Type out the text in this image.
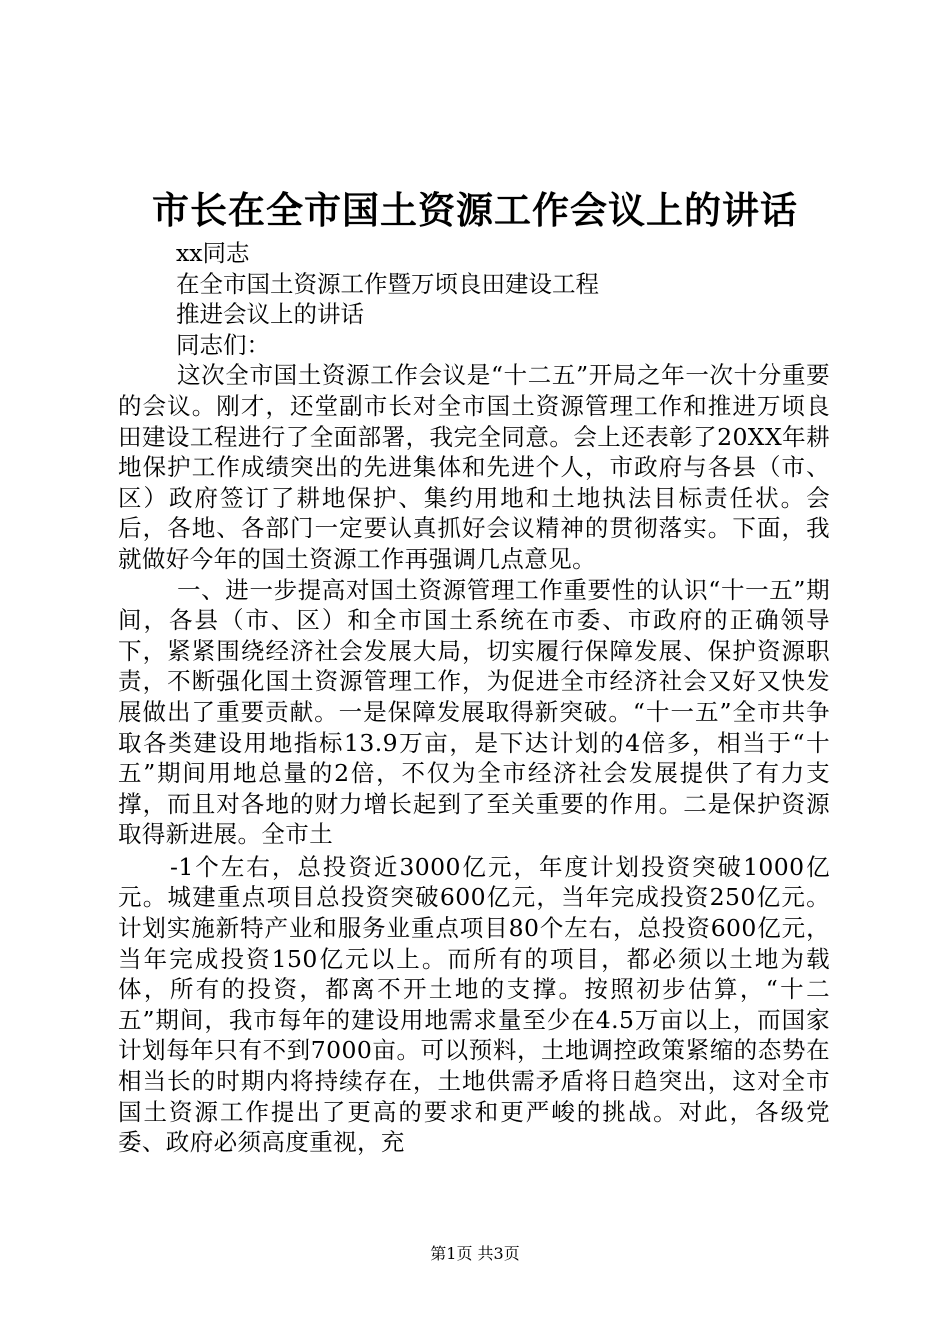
市长在全市国土资源工作会议上的讲话

xx同志

在全市国土资源工作暨万顷良田建设工程

推进会议上的讲话

同志们：

这次全市国土资源工作会议是“十二五”开局之年一次十分重要的会议。刚才，还堂副市长对全市国土资源管理工作和推进万顷良田建设工程进行了全面部署，我完全同意。会上还表彰了20XX年耕地保护工作成绩突出的先进集体和先进个人，市政府与各县（市、区）政府签订了耕地保护、集约用地和土地执法目标责任状。会后，各地、各部门一定要认真抓好会议精神的贯彻落实。下面，我就做好今年的国土资源工作再强调几点意见。

一、进一步提高对国土资源管理工作重要性的认识“十一五”期间，各县（市、区）和全市国土系统在市委、市政府的正确领导下，紧紧围绕经济社会发展大局，切实履行保障发展、保护资源职责，不断强化国土资源管理工作，为促进全市经济社会又好又快发展做出了重要贡献。一是保障发展取得新突破。“十一五”全市共争取各类建设用地指标13.9万亩，是下达计划的4倍多，相当于“十五”期间用地总量的2倍，不仅为全市经济社会发展提供了有力支撑，而且对各地的财力增长起到了至关重要的作用。二是保护资源取得新进展。全市土

-1个左右，总投资近3000亿元，年度计划投资突破1000亿元。城建重点项目总投资突破600亿元，当年完成投资250亿元。计划实施新特产业和服务业重点项目80个左右，总投资600亿元，当年完成投资150亿元以上。而所有的项目，都必须以土地为载体，所有的投资，都离不开土地的支撑。按照初步估算，“十二五”期间，我市每年的建设用地需求量至少在4.5万亩以上，而国家计划每年只有不到7000亩。可以预料，土地调控政策紧缩的态势在相当长的时期内将持续存在，土地供需矛盾将日趋突出，这对全市国土资源工作提出了更高的要求和更严峻的挑战。对此，各级党委、政府必须高度重视，充

第1页 共3页
